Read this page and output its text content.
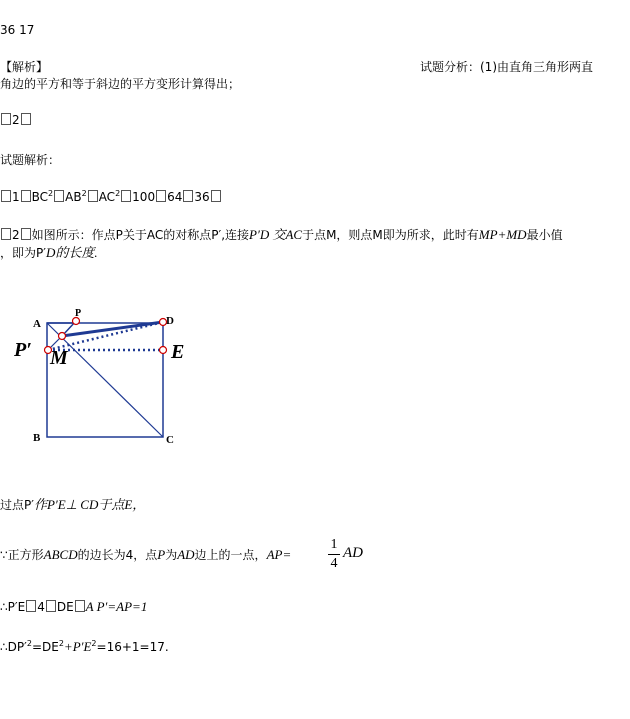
36 17
【解析】	试题分析：(1)由直角三角形两直
角边的平方和等于斜边的平方变形计算得出；
2
试题解析：
1 $BC^2$ $AB^2$ $AC^2$ 100 64 36
2 如图所示：作点P关于AC的对称点P′,连接P′D 交AC于点M，则点M即为所求，此时有MP+MD最小值
，即为P′D的长度.
A
B	C
D
P
E
P′ M
过点P′作P′E⊥ CD于点E，
∵正方形ABCD的边长为4，点P为AD边上的一点，AP=
1
4
AD
∴P′E 4 DE A P′=AP=1
$\therefore DP'^2=DE^2+P'E^2=16+1=17$.
